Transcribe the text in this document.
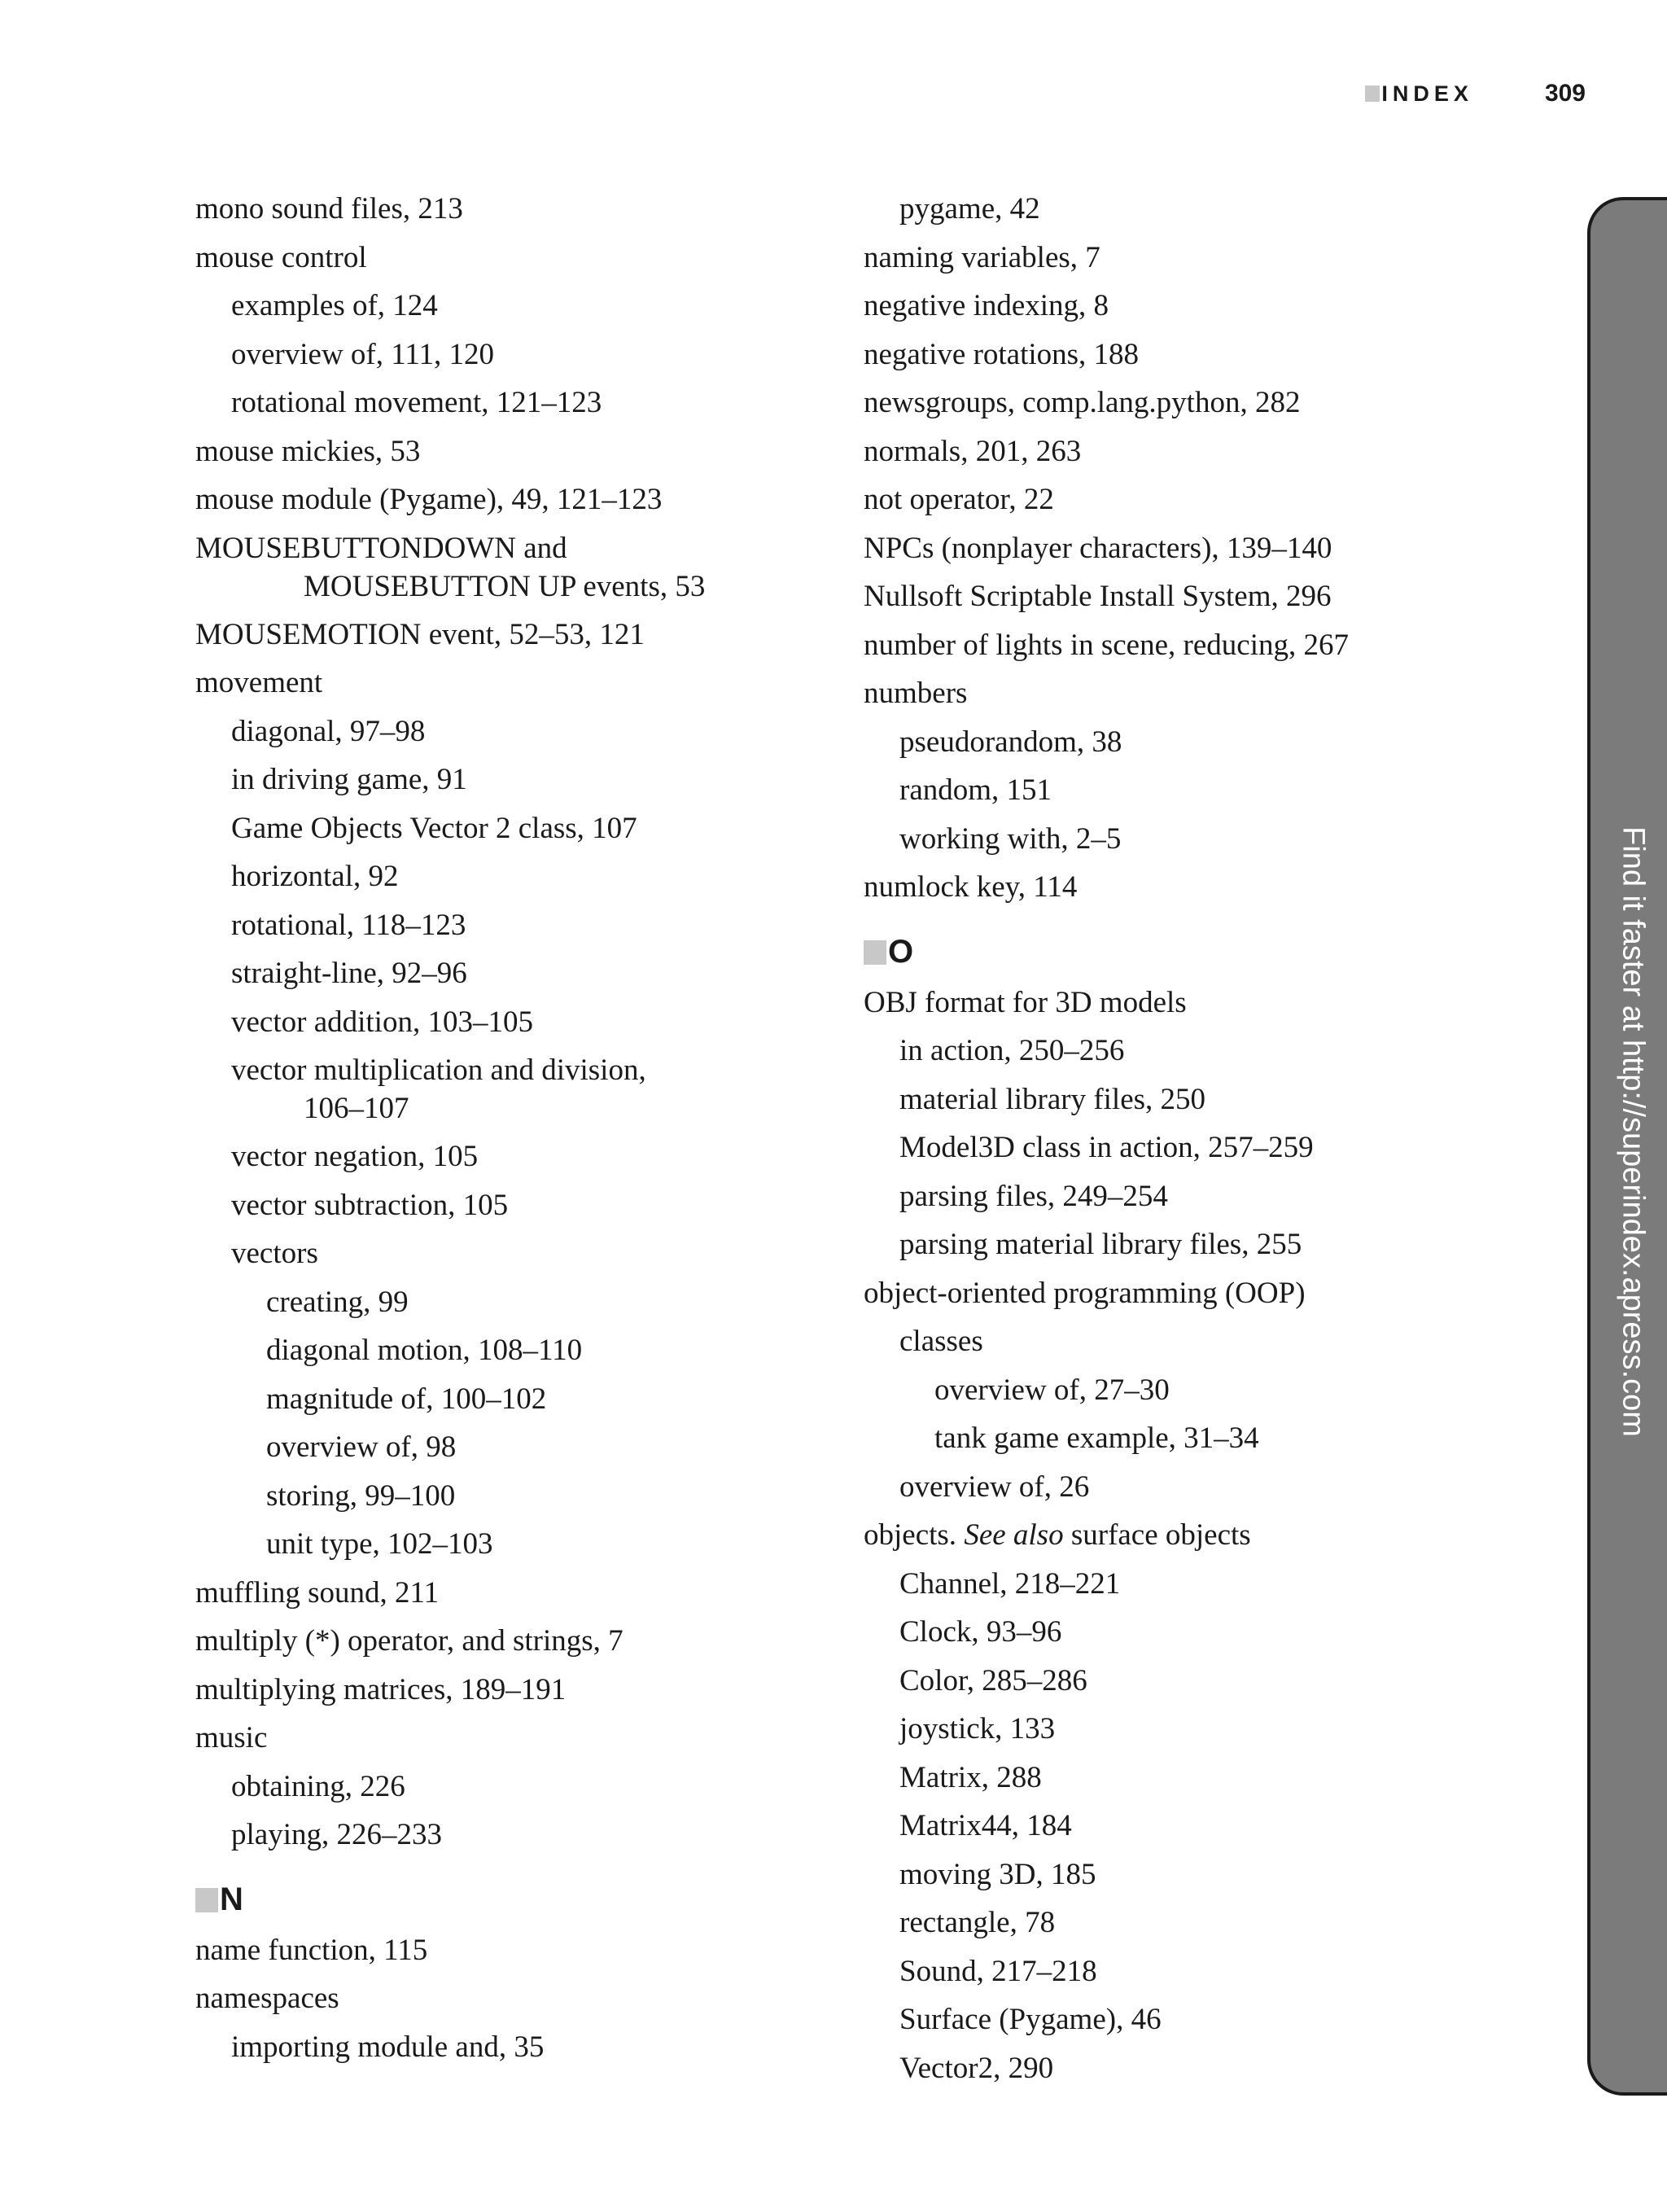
INDEX	309
mono sound files, 213
mouse control
examples of, 124
overview of, 111, 120
rotational movement, 121–123
mouse mickies, 53
mouse module (Pygame), 49, 121–123
MOUSEBUTTONDOWN and
MOUSEBUTTON UP events, 53
MOUSEMOTION event, 52–53, 121
movement
diagonal, 97–98
in driving game, 91
Game Objects Vector 2 class, 107
horizontal, 92
rotational, 118–123
straight-line, 92–96
vector addition, 103–105
vector multiplication and division,
106–107
vector negation, 105
vector subtraction, 105
vectors
creating, 99
diagonal motion, 108–110
magnitude of, 100–102
overview of, 98
storing, 99–100
unit type, 102–103
muffling sound, 211
multiply (*) operator, and strings, 7
multiplying matrices, 189–191
music
obtaining, 226
playing, 226–233
N
name function, 115
namespaces
importing module and, 35
pygame, 42
naming variables, 7
negative indexing, 8
negative rotations, 188
newsgroups, comp.lang.python, 282
normals, 201, 263
not operator, 22
NPCs (nonplayer characters), 139–140
Nullsoft Scriptable Install System, 296
number of lights in scene, reducing, 267
numbers
pseudorandom, 38
random, 151
working with, 2–5
numlock key, 114
O
OBJ format for 3D models
in action, 250–256
material library files, 250
Model3D class in action, 257–259
parsing files, 249–254
parsing material library files, 255
object-oriented programming (OOP)
classes
overview of, 27–30
tank game example, 31–34
overview of, 26
objects. See also surface objects
Channel, 218–221
Clock, 93–96
Color, 285–286
joystick, 133
Matrix, 288
Matrix44, 184
moving 3D, 185
rectangle, 78
Sound, 217–218
Surface (Pygame), 46
Vector2, 290
Find it faster at http://superindex.apress.com
